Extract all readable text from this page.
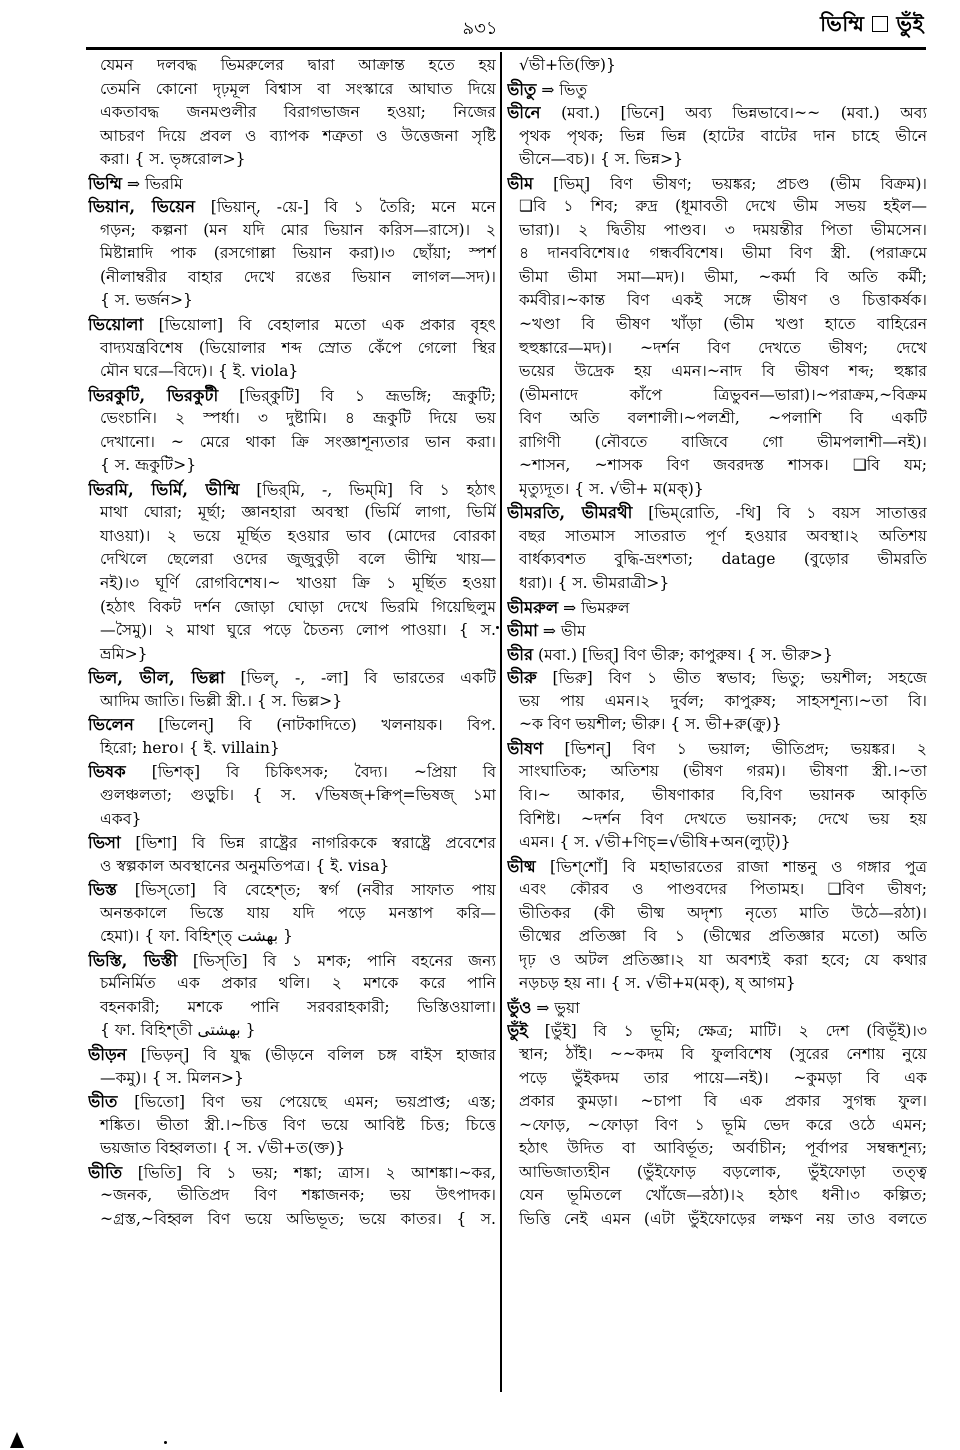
৯৩১	ভিম্মি ভুঁই
যেমন দলবদ্ধ ভিমরুলের দ্বারা আক্রান্ত হতে হয়
তেমনি কোনো দৃঢ়মূল বিশ্বাস বা সংস্কারে আঘাত দিয়ে
একতাবদ্ধ জনমণ্ডলীর বিরাগভাজন হওয়া; নিজের
আচরণ দিয়ে প্রবল ও ব্যাপক শত্রুতা ও উত্তেজনা সৃষ্টি
করা। { স. ভৃঙ্গরোল>}
ভিম্মি ⇒ ভিরমি
ভিয়ান, ভিয়েন [ভিয়ান্‌, -য়ে-] বি ১ তৈরি; মনে মনে
গড়ন; কল্পনা (মন যদি মোর ভিয়ান করিস—রাসে)। ২
মিষ্টান্নাদি পাক (রসগোল্লা ভিয়ান করা)।৩ ছোঁয়া; স্পর্শ
(নীলাম্বরীর বাহার দেখে রঙের ভিয়ান লাগল—সদ)।
{ স. ভর্জন>}
ভিয়োলা [ভিয়োলা] বি বেহালার মতো এক প্রকার বৃহৎ
বাদ্যযন্ত্রবিশেষ (ভিয়োলার শব্দ স্রোত কেঁপে গেলো স্থির
মৌন ঘরে—বিদে)। { ই. viola}
ভিরকুটি, ভিরকুটী [ভির্‌কুটি] বি ১ ভ্রূভঙ্গি; ভ্রূকুটি;
ভেংচানি। ২ স্পর্ধা। ৩ দুষ্টামি। ৪ ভ্রূকুটি দিয়ে ভয়
দেখানো। ~ মেরে থাকা ক্রি সংজ্ঞাশূন্যতার ভান করা।
{ স. ভ্রূকুটি>}
ভিরমি, ভির্মি, ভীম্মি [ভির্‌মি, -, ভিম্‌মি] বি ১ হঠাৎ
মাথা ঘোরা; মূর্ছা; জ্ঞানহারা অবস্থা (ভির্মি লাগা, ভির্মি
যাওয়া)। ২ ভয়ে মূর্ছিত হওয়ার ভাব (মোদের বোরকা
দেখিলে ছেলেরা ওদের জুজুবুড়ী বলে ভীম্মি খায়—
নই)।৩ ঘূর্ণি রোগবিশেষ।~ খাওয়া ক্রি ১ মূর্ছিত হওয়া
(হঠাৎ বিকট দর্শন জোড়া ঘোড়া দেখে ভিরমি গিয়েছিলুম
—সৈমু)। ২ মাথা ঘুরে পড়ে চৈতন্য লোপ পাওয়া। { স.
ভ্রমি>}
ভিল, ভীল, ভিল্লা [ভিল্‌, -, -লা] বি ভারতের একটি
আদিম জাতি। ভিল্লী স্ত্রী.। { স. ভিল্ল>}
ভিলেন [ভিলেন্‌] বি (নাটকাদিতে) খলনায়ক। বিপ.
হিরো; hero। { ই. villain}
ভিষক [ভিশক্‌] বি চিকিৎসক; বৈদ্য। ~প্রিয়া বি
গুলঞ্চলতা; গুড়ুচি। { স. √ভিষজ্‌+ক্বিপ্‌=ভিষজ্‌ ১মা
একব}
ভিসা [ভিশা] বি ভিন্ন রাষ্ট্রের নাগরিককে স্বরাষ্ট্রে প্রবেশের
ও স্বল্পকাল অবস্থানের অনুমতিপত্র। { ই. visa}
ভিস্ত [ভিস্‌তো] বি বেহেশ্‌ত; স্বর্গ (নবীর সাফাত পায়
অনন্তকালে ভিস্তে যায় যদি পড়ে মনস্তাপ করি—
হেমা)। { ফা. বিহিশ্‌ত্‌ بهشت }
ভিস্তি, ভিস্তী [ভিস্‌তি] বি ১ মশক; পানি বহনের জন্য
চর্মনির্মিত এক প্রকার থলি। ২ মশকে করে পানি
বহনকারী; মশকে পানি সরবরাহকারী; ভিস্তিওয়ালা।
{ ফা. বিহিশ্‌তী بهشتى }
ভীড়ন [ভিড়ন্‌] বি যুদ্ধ (ভীড়নে বলিল চঙ্গ বাইস হাজার
—কমু)। { স. মিলন>}
ভীত [ভিতো] বিণ ভয় পেয়েছে এমন; ভয়প্রাপ্ত; এস্ত;
শঙ্কিত। ভীতা স্ত্রী.।~চিত্ত বিণ ভয়ে আবিষ্ট চিত্ত; চিত্তে
ভয়জাত বিহ্বলতা। { স. √ভী+ত(ক্ত)}
ভীতি [ভিতি] বি ১ ভয়; শঙ্কা; ত্রাস। ২ আশঙ্কা।~কর,
~জনক, ভীতিপ্রদ বিণ শঙ্কাজনক; ভয় উৎপাদক।
~গ্রস্ত,~বিহ্বল বিণ ভয়ে অভিভূত; ভয়ে কাতর। { স.
√ভী+তি(ক্তি)}
ভীতু ⇒ ভিতু
ভীনে (মবা.) [ভিনে] অব্য ভিন্নভাবে।~~ (মবা.) অব্য
পৃথক পৃথক; ভিন্ন ভিন্ন (হাটের বাটের দান চাহে ভীনে
ভীনে—বচ)। { স. ভিন্ন>}
ভীম [ভিম্‌] বিণ ভীষণ; ভয়ঙ্কর; প্রচণ্ড (ভীম বিক্রম)।
❑বি ১ শিব; রুদ্র (ধূমাবতী দেখে ভীম সভয় হইল—
ভারা)। ২ দ্বিতীয় পাণ্ডব। ৩ দময়ন্তীর পিতা ভীমসেন।
৪ দানববিশেষ।৫ গন্ধর্ববিশেষ। ভীমা বিণ স্ত্রী. (পরাক্রমে
ভীমা ভীমা সমা—মদ)। ভীমা, ~কর্মা বি অতি কর্মী;
কর্মবীর।~কান্ত বিণ একই সঙ্গে ভীষণ ও চিত্তাকর্ষক।
~খণ্ডা বি ভীষণ খাঁড়া (ভীম খণ্ডা হাতে বাহিরেন
হুহুঙ্কারে—মদ)। ~দর্শন বিণ দেখতে ভীষণ; দেখে
ভয়ের উদ্রেক হয় এমন।~নাদ বি ভীষণ শব্দ; হুঙ্কার
(ভীমনাদে কাঁপে ত্রিভুবন—ভারা)।~পরাক্রম,~বিক্রম
বিণ অতি বলশালী।~পলশ্রী, ~পলাশি বি একটি
রাগিণী (নৌবতে বাজিবে গো ভীমপলাশী—নই)।
~শাসন, ~শাসক বিণ জবরদস্ত শাসক। ❑বি যম;
মৃত্যুদূত। { স. √ভী+ ম(মক্‌)}
ভীমরতি, ভীমরথী [ভিম্‌রোতি, -থি] বি ১ বয়স সাতাত্তর
বছর সাতমাস সাতরাত পূর্ণ হওয়ার অবস্থা।২ অতিশয়
বার্ধক্যবশত বুদ্ধি-ভ্রংশতা; datage (বুড়োর ভীমরতি
ধরা)। { স. ভীমরাত্রী>}
ভীমরুল ⇒ ভিমরুল
ভীমা ⇒ ভীম
ভীর (মবা.) [ভির্‌] বিণ ভীরু; কাপুরুষ। { স. ভীরু>}
ভীরু [ভিরু] বিণ ১ ভীত স্বভাব; ভিতু; ভয়শীল; সহজে
ভয় পায় এমন।২ দুর্বল; কাপুরুষ; সাহসশূন্য।~তা বি।
~ক বিণ ভয়শীল; ভীরু। { স. ভী+রু(ক্রু)}
ভীষণ [ভিশন্‌] বিণ ১ ভয়াল; ভীতিপ্রদ; ভয়ঙ্কর। ২
সাংঘাতিক; অতিশয় (ভীষণ গরম)। ভীষণা স্ত্রী.।~তা
বি।~ আকার, ভীষণাকার বি,বিণ ভয়ানক আকৃতি
বিশিষ্ট। ~দর্শন বিণ দেখতে ভয়ানক; দেখে ভয় হয়
এমন। { স. √ভী+ণিচ্‌=√ভীষি+অন(ল্যুট্‌)}
ভীষ্ম [ভিশ্‌শোঁ] বি মহাভারতের রাজা শান্তনু ও গঙ্গার পুত্র
এবং কৌরব ও পাণ্ডবদের পিতামহ। ❑বিণ ভীষণ;
ভীতিকর (কী ভীষ্ম অদৃশ্য নৃত্যে মাতি উঠে—রঠা)।
ভীষ্মের প্রতিজ্ঞা বি ১ (ভীষ্মের প্রতিজ্ঞার মতো) অতি
দৃঢ় ও অটল প্রতিজ্ঞা।২ যা অবশ্যই করা হবে; যে কথার
নড়চড় হয় না। { স. √ভী+ম(মক্‌), ষ্‌ আগম}
ভুঁও ⇒ ভুয়া
ভুঁই [ভুঁই] বি ১ ভূমি; ক্ষেত্র; মাটি। ২ দেশ (বিভূঁই)।৩
স্থান; ঠাঁই। ~~কদম বি ফুলবিশেষ (সুরের নেশায় নুয়ে
পড়ে ভুঁইকদম তার পায়ে—নই)। ~কুমড়া বি এক
প্রকার কুমড়া। ~চাপা বি এক প্রকার সুগন্ধ ফুল।
~ফোড়, ~ফোড়া বিণ ১ ভূমি ভেদ করে ওঠে এমন;
হঠাৎ উদিত বা আবির্ভূত; অর্বাচীন; পূর্বাপর সম্বন্ধশূন্য;
আভিজাত্যহীন (ভুঁইফোড় বড়লোক, ভুঁইফোড়া তত্ত্ব
যেন ভূমিতলে খোঁজে—রঠা)।২ হঠাৎ ধনী।৩ কল্পিত;
ভিত্তি নেই এমন (এটা ভুঁইফোড়ের লক্ষণ নয় তাও বলতে
